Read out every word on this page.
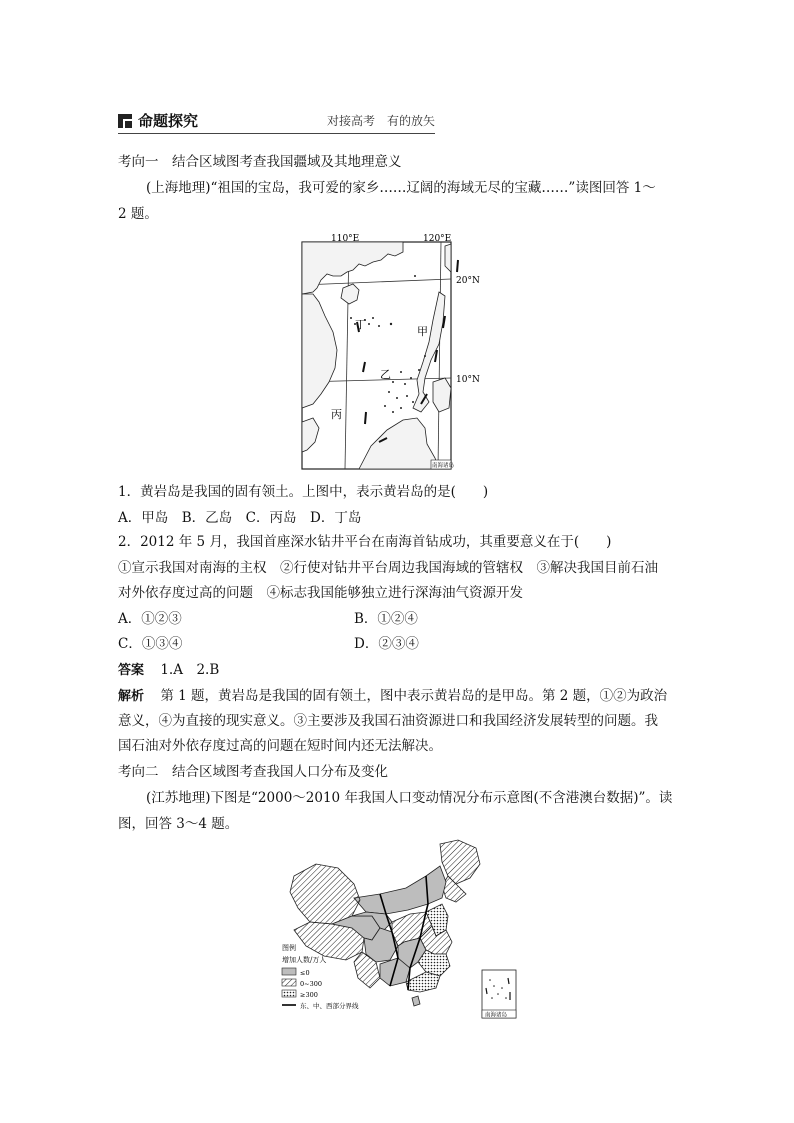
命题探究	对接高考　有的放矢
考向一　结合区域图考查我国疆域及其地理意义
(上海地理)“祖国的宝岛，我可爱的家乡……辽阔的海域无尽的宝藏……”读图回答 1～
2 题。
110°E	120°E
20°N
10°N
甲
乙
丙
丁
南海诸岛
1．黄岩岛是我国的固有领土。上图中，表示黄岩岛的是(　　)
A．甲岛　B．乙岛　C．丙岛　D．丁岛
2．2012 年 5 月，我国首座深水钻井平台在南海首钻成功，其重要意义在于(　　)
①宣示我国对南海的主权　②行使对钻井平台周边我国海域的管辖权　③解决我国目前石油
对外依存度过高的问题　④标志我国能够独立进行深海油气资源开发
A．①②③	B．①②④
C．①③④	D．②③④
答案 1.A　2.B
解析 第 1 题，黄岩岛是我国的固有领土，图中表示黄岩岛的是甲岛。第 2 题，①②为政治
意义，④为直接的现实意义。③主要涉及我国石油资源进口和我国经济发展转型的问题。我
国石油对外依存度过高的问题在短时间内还无法解决。
考向二　结合区域图考查我国人口分布及变化
(江苏地理)下图是“2000～2010 年我国人口变动情况分布示意图(不含港澳台数据)”。读
图，回答 3～4 题。
图例
增加人数/万人
≤0
0~300
≥300
东、中、西部分界线
南海诸岛
